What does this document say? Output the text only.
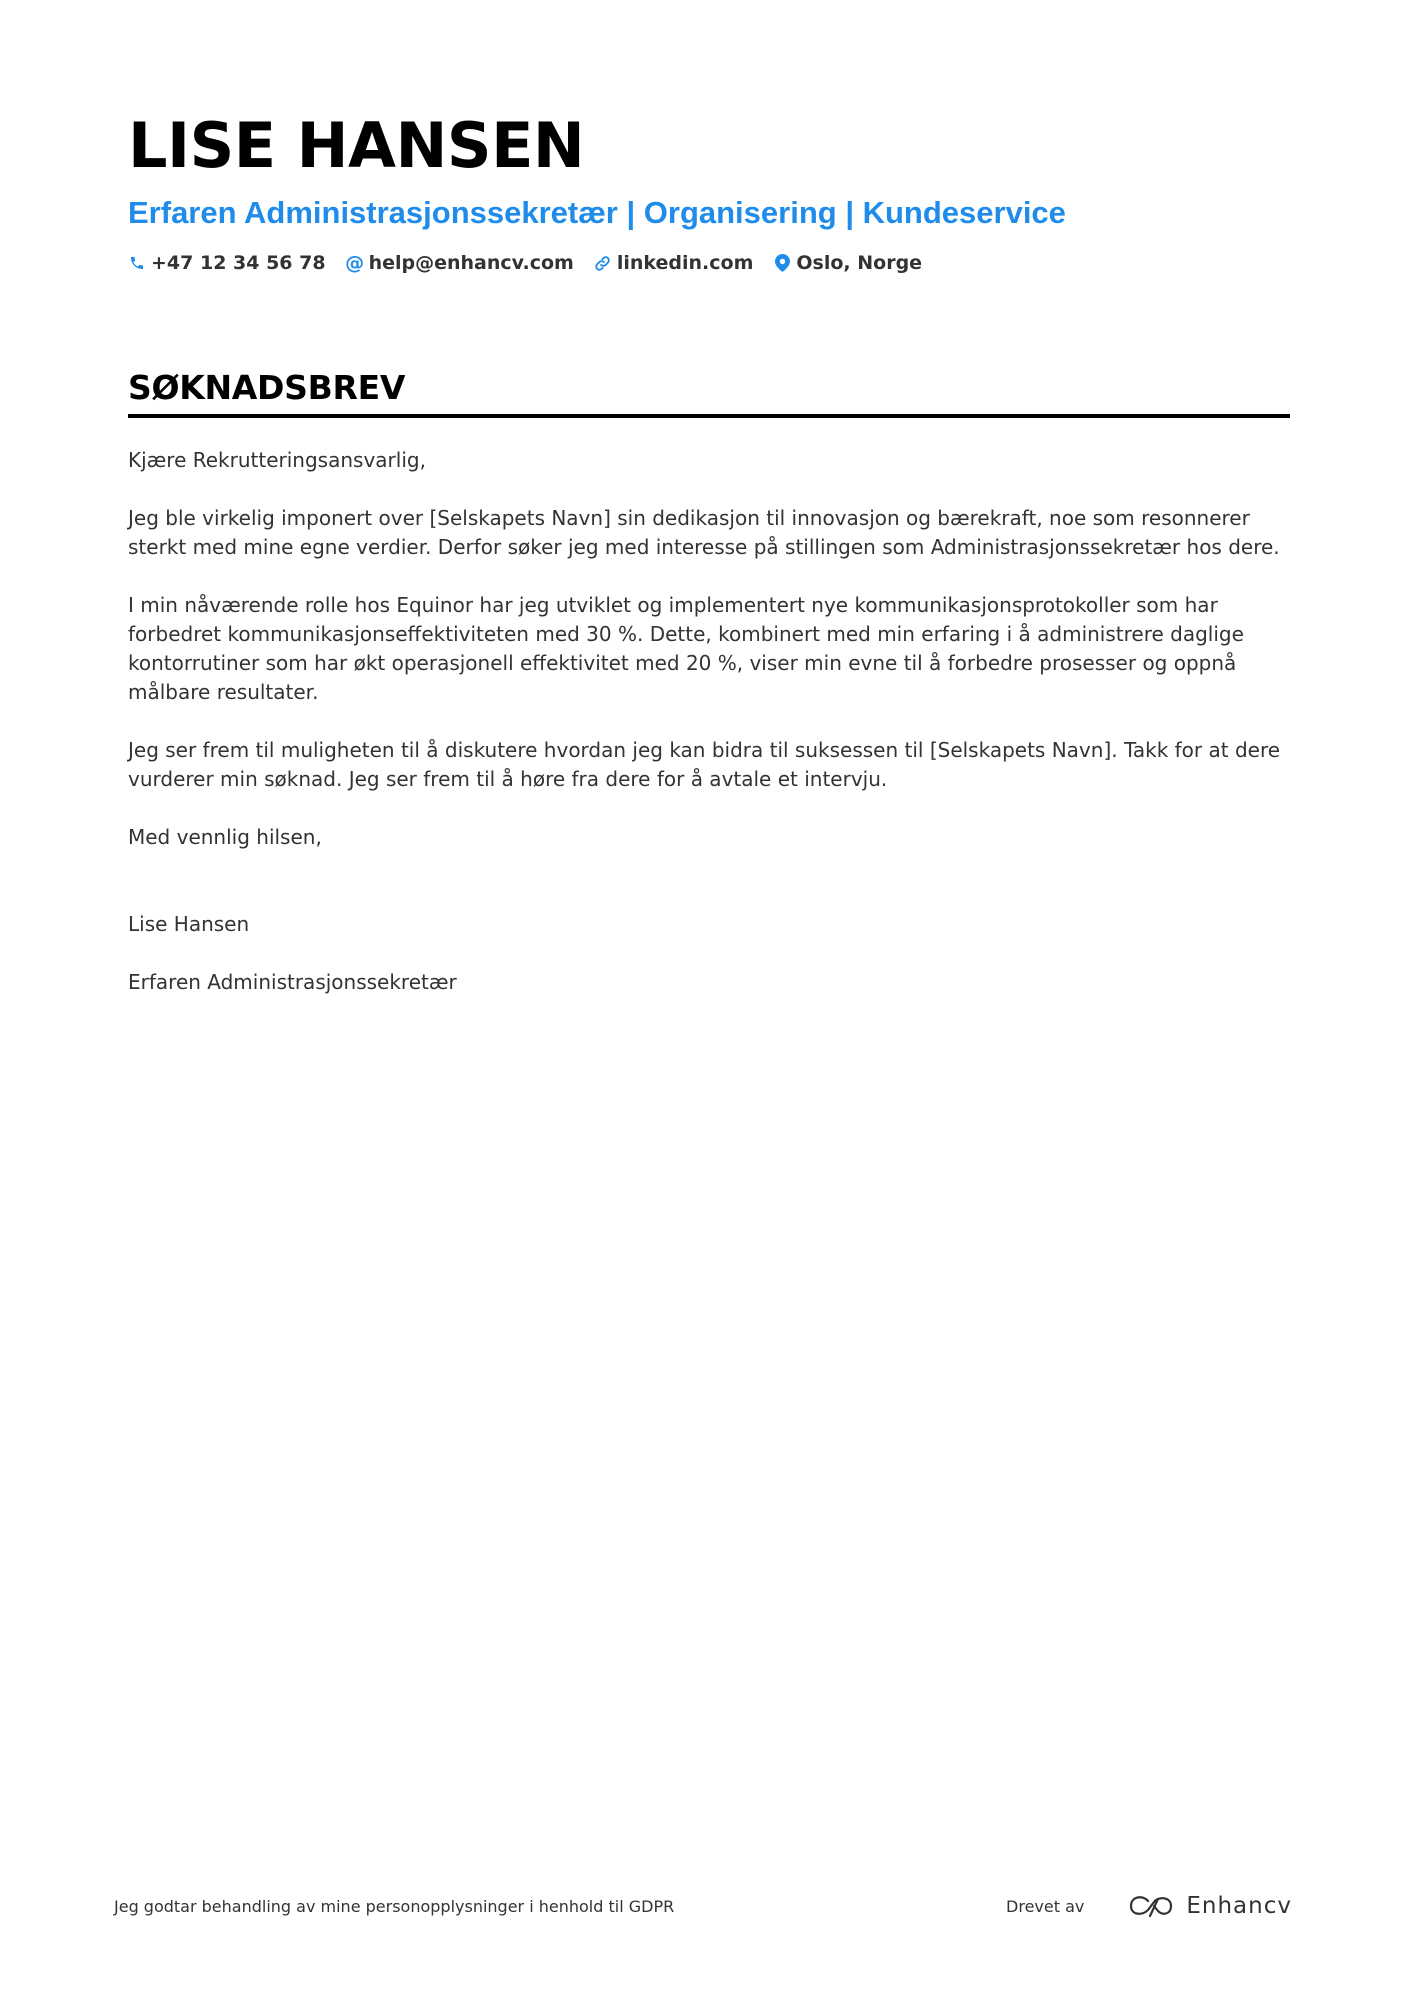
LISE HANSEN
Erfaren Administrasjonssekretær | Organisering | Kundeservice
+47 12 34 56 78 @ help@enhancv.com linkedin.com Oslo, Norge
SØKNADSBREV

Kjære Rekrutteringsansvarlig,

Jeg ble virkelig imponert over [Selskapets Navn] sin dedikasjon til innovasjon og bærekraft, noe som resonnerer sterkt med mine egne verdier. Derfor søker jeg med interesse på stillingen som Administrasjonssekretær hos dere.

I min nåværende rolle hos Equinor har jeg utviklet og implementert nye kommunikasjonsprotokoller som har forbedret kommunikasjonseffektiviteten med 30 %. Dette, kombinert med min erfaring i å administrere daglige kontorrutiner som har økt operasjonell effektivitet med 20 %, viser min evne til å forbedre prosesser og oppnå målbare resultater.

Jeg ser frem til muligheten til å diskutere hvordan jeg kan bidra til suksessen til [Selskapets Navn]. Takk for at dere vurderer min søknad. Jeg ser frem til å høre fra dere for å avtale et intervju.

Med vennlig hilsen,

Lise Hansen

Erfaren Administrasjonssekretær

Jeg godtar behandling av mine personopplysninger i henhold til GDPR	Drevet av	Enhancv
